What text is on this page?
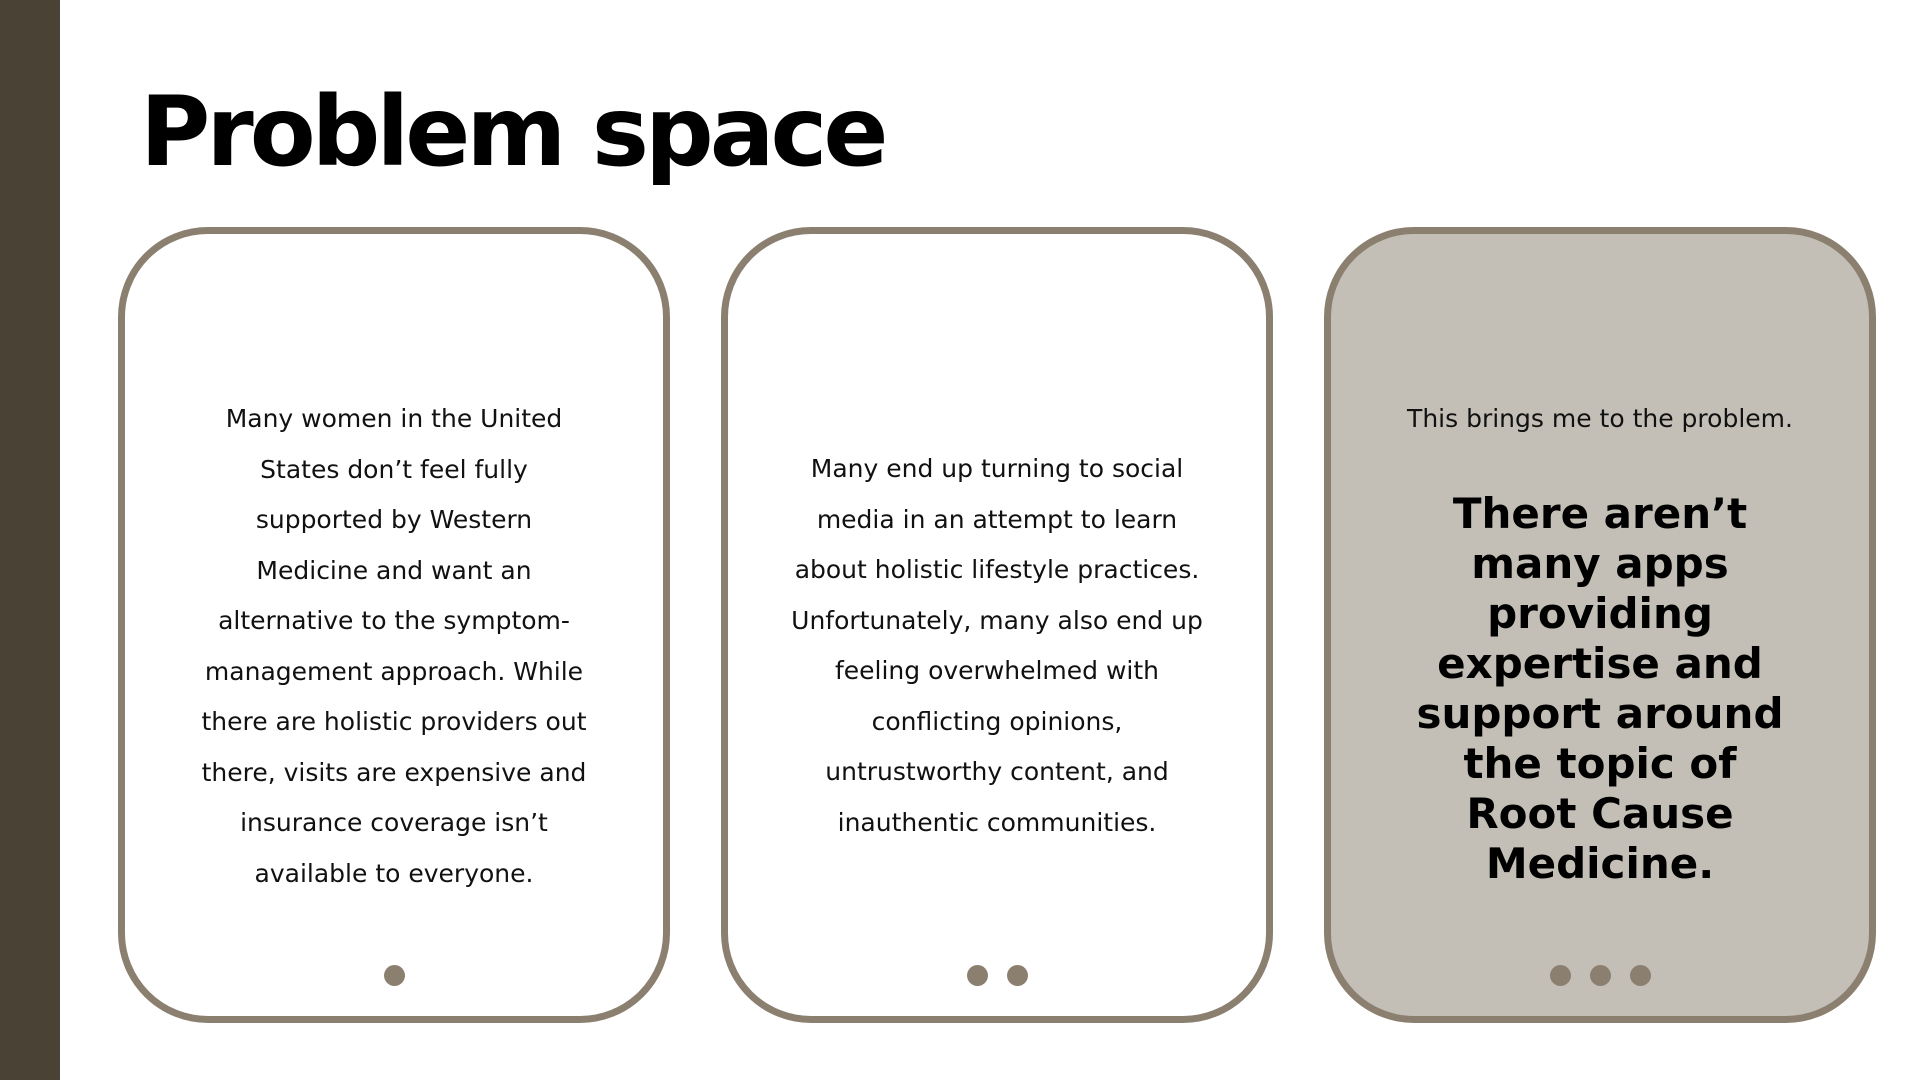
Problem space

Many women in the United States don’t feel fully supported by Western Medicine and want an alternative to the symptom-management approach. While there are holistic providers out there, visits are expensive and insurance coverage isn’t available to everyone.

Many end up turning to social media in an attempt to learn about holistic lifestyle practices. Unfortunately, many also end up feeling overwhelmed with conflicting opinions, untrustworthy content, and inauthentic communities.

This brings me to the problem.

There aren’t many apps providing expertise and support around the topic of Root Cause Medicine.
